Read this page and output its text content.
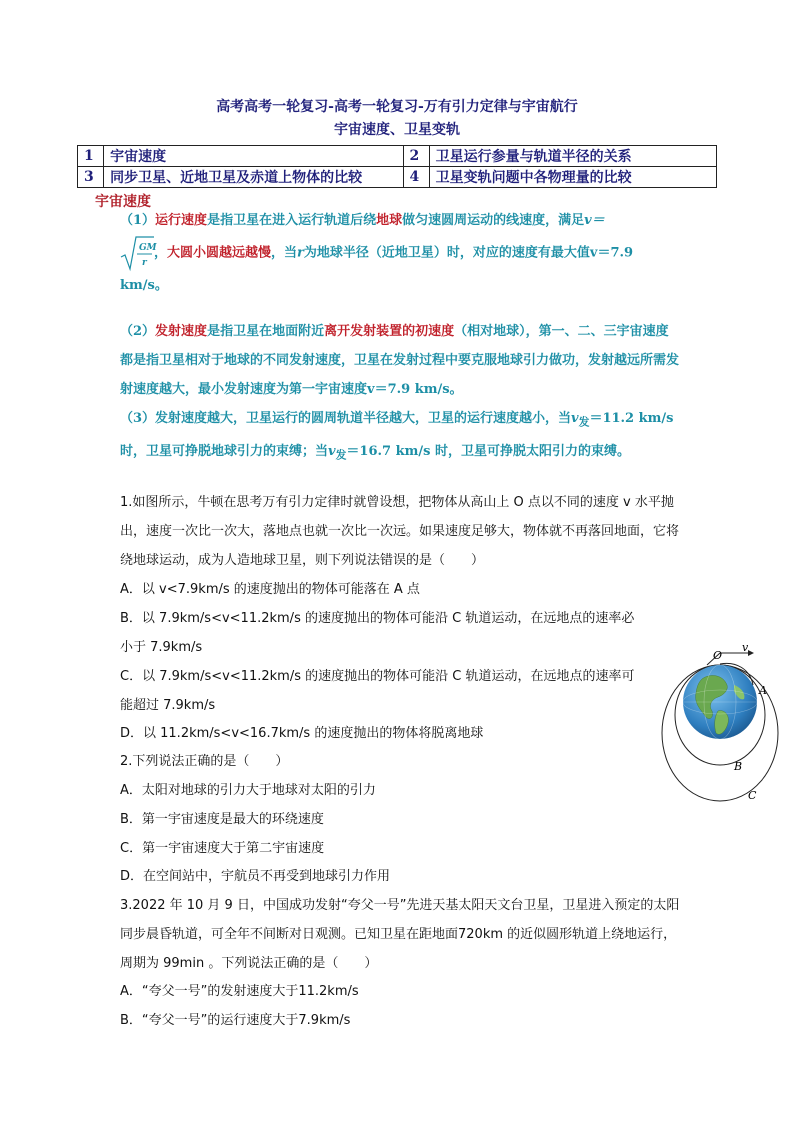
高考高考一轮复习-高考一轮复习-万有引力定律与宇宙航行
宇宙速度、卫星变轨
1	宇宙速度	2	卫星运行参量与轨道半径的关系
3	同步卫星、近地卫星及赤道上物体的比较	4	卫星变轨问题中各物理量的比较
宇宙速度
（1）运行速度是指卫星在进入运行轨道后绕地球做匀速圆周运动的线速度，满足v＝

GM
r
，大圆小圆越远越慢，当r为地球半径（近地卫星）时，对应的速度有最大值v＝7.9 km/s。
（2）发射速度是指卫星在地面附近离开发射装置的初速度（相对地球），第一、二、三宇宙速度都是指卫星相对于地球的不同发射速度，卫星在发射过程中要克服地球引力做功，发射越远所需发射速度越大，最小发射速度为第一宇宙速度v＝7.9 km/s。
（3）发射速度越大，卫星运行的圆周轨道半径越大，卫星的运行速度越小，当$v_发=11.2$ km/s 时，卫星可挣脱地球引力的束缚；当$v_发=16.7$ km/s 时，卫星可挣脱太阳引力的束缚。
1.如图所示，牛顿在思考万有引力定律时就曾设想，把物体从高山上 O 点以不同的速度 v 水平抛出，速度一次比一次大，落地点也就一次比一次远。如果速度足够大，物体就不再落回地面，它将绕地球运动，成为人造地球卫星，则下列说法错误的是（　　）
A．以 v<7.9km/s 的速度抛出的物体可能落在 A 点
B．以 7.9km/s<v<11.2km/s 的速度抛出的物体可能沿 C 轨道运动，在远地点的速率必小于 7.9km/s
C．以 7.9km/s<v<11.2km/s 的速度抛出的物体可能沿 C 轨道运动，在远地点的速率可能超过 7.9km/s
D．以 11.2km/s<v<16.7km/s 的速度抛出的物体将脱离地球
2.下列说法正确的是（　　）
A．太阳对地球的引力大于地球对太阳的引力
B．第一宇宙速度是最大的环绕速度
C．第一宇宙速度大于第二宇宙速度
D．在空间站中，宇航员不再受到地球引力作用
3.2022 年 10 月 9 日，中国成功发射“夸父一号”先进天基太阳天文台卫星，卫星进入预定的太阳同步晨昏轨道，可全年不间断对日观测。已知卫星在距地面720km 的近似圆形轨道上绕地运行，周期为 99min 。下列说法正确的是（　　）
A．“夸父一号”的发射速度大于11.2km/s
B．“夸父一号”的运行速度大于7.9km/s
O
v
A
B
C
